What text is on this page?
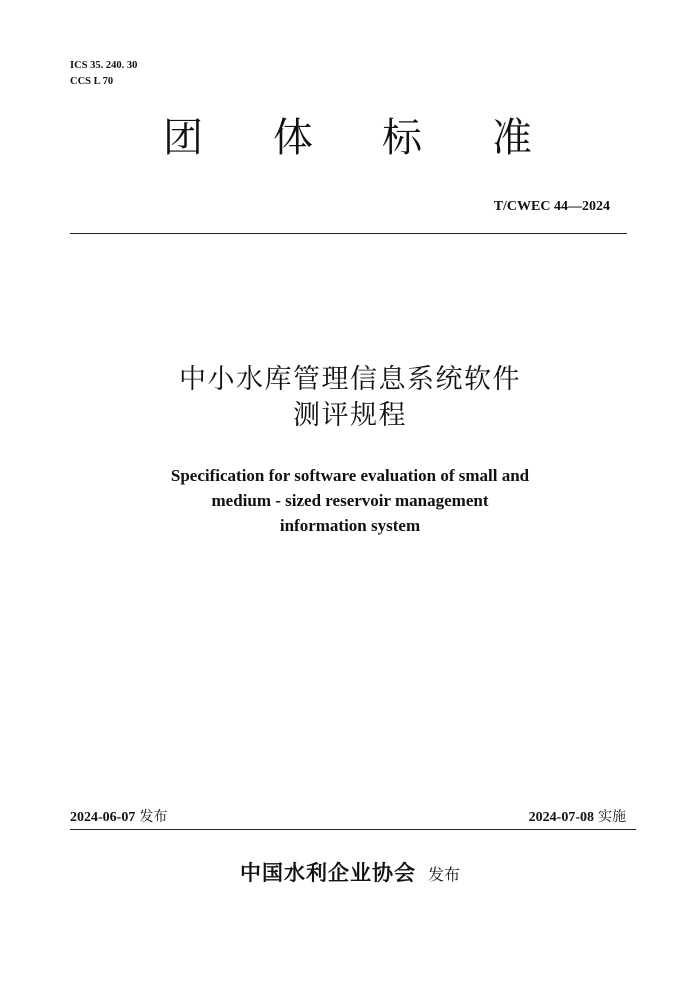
ICS 35. 240. 30
CCS L 70
团 体 标 准
T/CWEC 44—2024
中小水库管理信息系统软件
测评规程
Specification for software evaluation of small and
medium - sized reservoir management
information system
2024-06-07 发布	2024-07-08 实施
中国水利企业协会 发布
